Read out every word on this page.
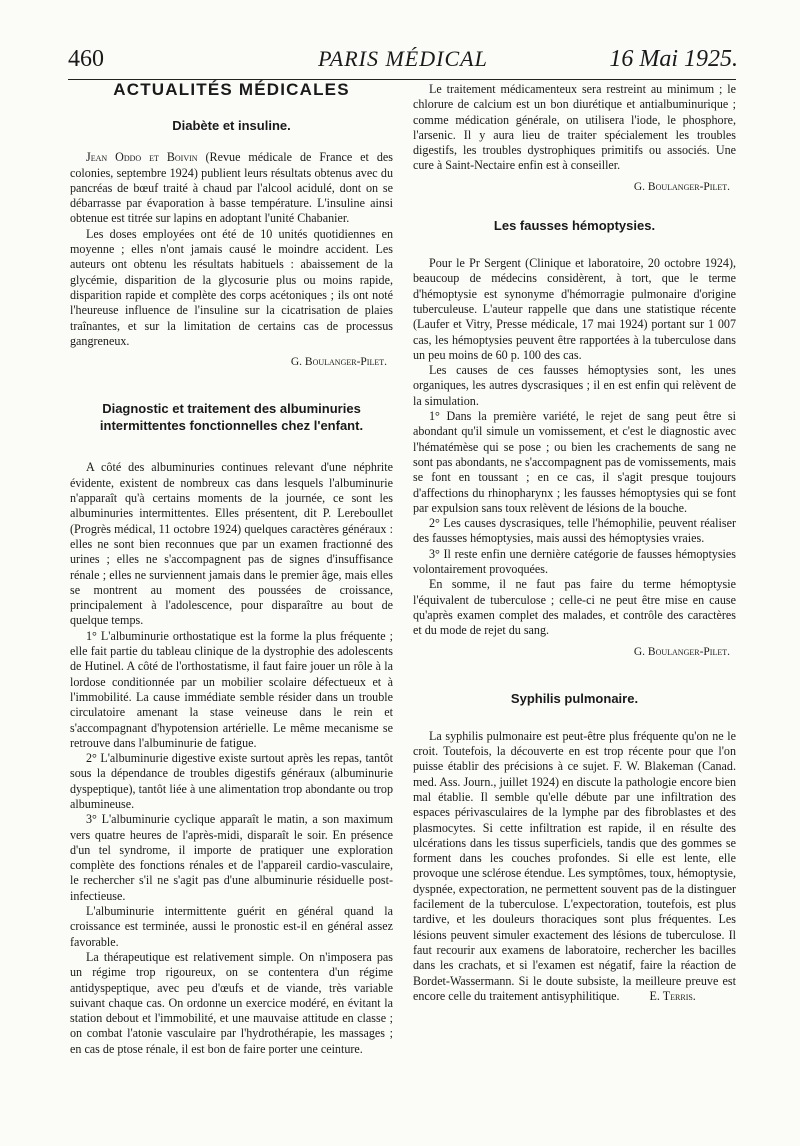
460	PARIS MÉDICAL	16 Mai 1925.
ACTUALITÉS MÉDICALES
Diabète et insuline.

Jean Oddo et Boivin (Revue médicale de France et des colonies, septembre 1924) publient leurs résultats obtenus avec du pancréas de bœuf traité à chaud par l'alcool acidulé, dont on se débarrasse par évaporation à basse température. L'insuline ainsi obtenue est titrée sur lapins en adoptant l'unité Chabanier.

Les doses employées ont été de 10 unités quotidiennes en moyenne ; elles n'ont jamais causé le moindre accident. Les auteurs ont obtenu les résultats habituels : abaissement de la glycémie, disparition de la glycosurie plus ou moins rapide, disparition rapide et complète des corps acétoniques ; ils ont noté l'heureuse influence de l'insuline sur la cicatrisation de plaies traînantes, et sur la limitation de certains cas de processus gangreneux.

G. Boulanger-Pilet.
Diagnostic et traitement des albuminuries
intermittentes fonctionnelles chez l'enfant.

A côté des albuminuries continues relevant d'une néphrite évidente, existent de nombreux cas dans lesquels l'albuminurie n'apparaît qu'à certains moments de la journée, ce sont les albuminuries intermittentes. Elles présentent, dit P. Lereboullet (Progrès médical, 11 octobre 1924) quelques caractères généraux : elles ne sont bien reconnues que par un examen fractionné des urines ; elles ne s'accompagnent pas de signes d'insuffisance rénale ; elles ne surviennent jamais dans le premier âge, mais elles se montrent au moment des poussées de croissance, principalement à l'adolescence, pour disparaître au bout de quelque temps.

1° L'albuminurie orthostatique est la forme la plus fréquente ; elle fait partie du tableau clinique de la dystrophie des adolescents de Hutinel. A côté de l'orthostatisme, il faut faire jouer un rôle à la lordose conditionnée par un mobilier scolaire défectueux et à l'immobilité. La cause immédiate semble résider dans un trouble circulatoire amenant la stase veineuse dans le rein et s'accompagnant d'hypotension artérielle. Le même mecanisme se retrouve dans l'albuminurie de fatigue.

2° L'albuminurie digestive existe surtout après les repas, tantôt sous la dépendance de troubles digestifs généraux (albuminurie dyspeptique), tantôt liée à une alimentation trop abondante ou trop albumineuse.

3° L'albuminurie cyclique apparaît le matin, a son maximum vers quatre heures de l'après-midi, disparaît le soir. En présence d'un tel syndrome, il importe de pratiquer une exploration complète des fonctions rénales et de l'appareil cardio-vasculaire, le rechercher s'il ne s'agit pas d'une albuminurie résiduelle post-infectieuse.

L'albuminurie intermittente guérit en général quand la croissance est terminée, aussi le pronostic est-il en général assez favorable.

La thérapeutique est relativement simple. On n'imposera pas un régime trop rigoureux, on se contentera d'un régime antidyspeptique, avec peu d'œufs et de viande, très variable suivant chaque cas. On ordonne un exercice modéré, en évitant la station debout et l'immobilité, et une mauvaise attitude en classe ; on combat l'atonie vasculaire par l'hydrothérapie, les massages ; en cas de ptose rénale, il est bon de faire porter une ceinture.

Le traitement médicamenteux sera restreint au minimum ; le chlorure de calcium est un bon diurétique et antialbuminurique ; comme médication générale, on utilisera l'iode, le phosphore, l'arsenic. Il y aura lieu de traiter spécialement les troubles digestifs, les troubles dystrophiques primitifs ou associés. Une cure à Saint-Nectaire enfin est à conseiller.

G. Boulanger-Pilet.
Les fausses hémoptysies.

Pour le Pr Sergent (Clinique et laboratoire, 20 octobre 1924), beaucoup de médecins considèrent, à tort, que le terme d'hémoptysie est synonyme d'hémorragie pulmonaire d'origine tuberculeuse. L'auteur rappelle que dans une statistique récente (Laufer et Vitry, Presse médicale, 17 mai 1924) portant sur 1 007 cas, les hémoptysies peuvent être rapportées à la tuberculose dans un peu moins de 60 p. 100 des cas.

Les causes de ces fausses hémoptysies sont, les unes organiques, les autres dyscrasiques ; il en est enfin qui relèvent de la simulation.

1° Dans la première variété, le rejet de sang peut être si abondant qu'il simule un vomissement, et c'est le diagnostic avec l'hématémèse qui se pose ; ou bien les crachements de sang ne sont pas abondants, ne s'accompagnent pas de vomissements, mais se font en toussant ; en ce cas, il s'agit presque toujours d'affections du rhinopharynx ; les fausses hémoptysies qui se font par expulsion sans toux relèvent de lésions de la bouche.

2° Les causes dyscrasiques, telle l'hémophilie, peuvent réaliser des fausses hémoptysies, mais aussi des hémoptysies vraies.

3° Il reste enfin une dernière catégorie de fausses hémoptysies volontairement provoquées.

En somme, il ne faut pas faire du terme hémoptysie l'équivalent de tuberculose ; celle-ci ne peut être mise en cause qu'après examen complet des malades, et contrôle des caractères et du mode de rejet du sang.

G. Boulanger-Pilet.
Syphilis pulmonaire.

La syphilis pulmonaire est peut-être plus fréquente qu'on ne le croit. Toutefois, la découverte en est trop récente pour que l'on puisse établir des précisions à ce sujet. F. W. Blakeman (Canad. med. Ass. Journ., juillet 1924) en discute la pathologie encore bien mal établie. Il semble qu'elle débute par une infiltration des espaces périvasculaires de la lymphe par des fibroblastes et des plasmocytes. Si cette infiltration est rapide, il en résulte des ulcérations dans les tissus superficiels, tandis que des gommes se forment dans les couches profondes. Si elle est lente, elle provoque une sclérose étendue. Les symptômes, toux, hémoptysie, dyspnée, expectoration, ne permettent souvent pas de la distinguer facilement de la tuberculose. L'expectoration, toutefois, est plus tardive, et les douleurs thoraciques sont plus fréquentes. Les lésions peuvent simuler exactement des lésions de tuberculose. Il faut recourir aux examens de laboratoire, rechercher les bacilles dans les crachats, et si l'examen est négatif, faire la réaction de Bordet-Wassermann. Si le doute subsiste, la meilleure preuve est encore celle du traitement antisyphilitique. E. Terris.
